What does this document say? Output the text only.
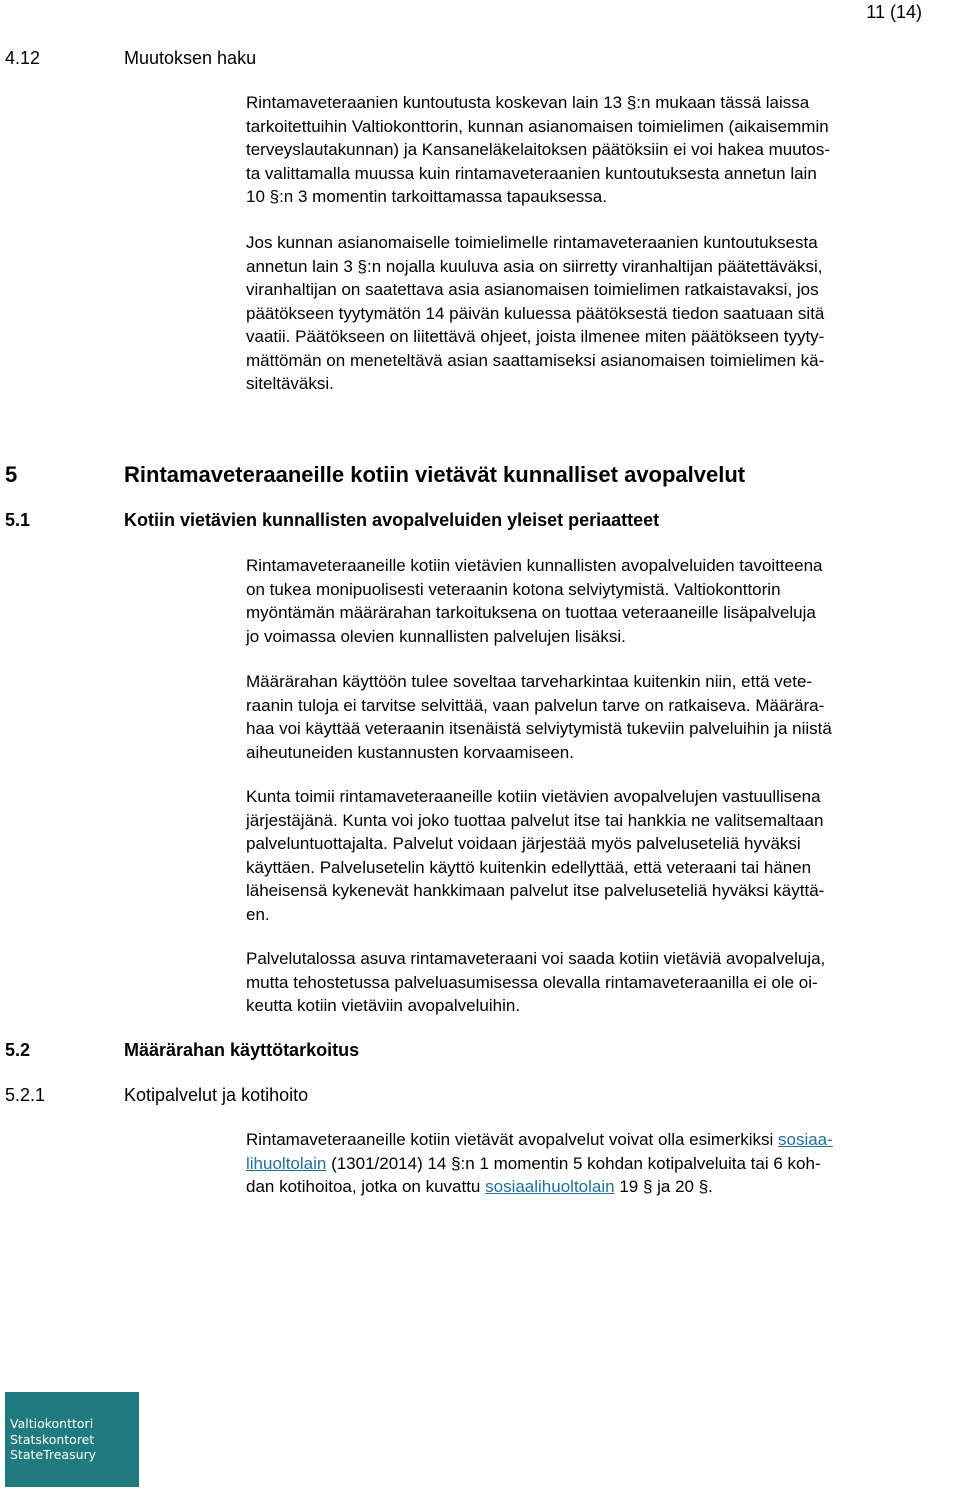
11 (14)
4.12	Muutoksen haku
Rintamaveteraanien kuntoutusta koskevan lain 13 §:n mukaan tässä laissa
tarkoitettuihin Valtiokonttorin, kunnan asianomaisen toimielimen (aikaisemmin
terveyslautakunnan) ja Kansaneläkelaitoksen päätöksiin ei voi hakea muutos-
ta valittamalla muussa kuin rintamaveteraanien kuntoutuksesta annetun lain
10 §:n 3 momentin tarkoittamassa tapauksessa.
Jos kunnan asianomaiselle toimielimelle rintamaveteraanien kuntoutuksesta
annetun lain 3 §:n nojalla kuuluva asia on siirretty viranhaltijan päätettäväksi,
viranhaltijan on saatettava asia asianomaisen toimielimen ratkaistavaksi, jos
päätökseen tyytymätön 14 päivän kuluessa päätöksestä tiedon saatuaan sitä
vaatii. Päätökseen on liitettävä ohjeet, joista ilmenee miten päätökseen tyyty-
mättömän on meneteltävä asian saattamiseksi asianomaisen toimielimen kä-
siteltäväksi.
5	Rintamaveteraaneille kotiin vietävät kunnalliset avopalvelut
5.1	Kotiin vietävien kunnallisten avopalveluiden yleiset periaatteet
Rintamaveteraaneille kotiin vietävien kunnallisten avopalveluiden tavoitteena
on tukea monipuolisesti veteraanin kotona selviytymistä. Valtiokonttorin
myöntämän määrärahan tarkoituksena on tuottaa veteraaneille lisäpalveluja
jo voimassa olevien kunnallisten palvelujen lisäksi.
Määrärahan käyttöön tulee soveltaa tarveharkintaa kuitenkin niin, että vete-
raanin tuloja ei tarvitse selvittää, vaan palvelun tarve on ratkaiseva. Määrära-
haa voi käyttää veteraanin itsenäistä selviytymistä tukeviin palveluihin ja niistä
aiheutuneiden kustannusten korvaamiseen.
Kunta toimii rintamaveteraaneille kotiin vietävien avopalvelujen vastuullisena
järjestäjänä. Kunta voi joko tuottaa palvelut itse tai hankkia ne valitsemaltaan
palveluntuottajalta. Palvelut voidaan järjestää myös palveluseteliä hyväksi
käyttäen. Palvelusetelin käyttö kuitenkin edellyttää, että veteraani tai hänen
läheisensä kykenevät hankkimaan palvelut itse palveluseteliä hyväksi käyttä-
en.
Palvelutalossa asuva rintamaveteraani voi saada kotiin vietäviä avopalveluja,
mutta tehostetussa palveluasumisessa olevalla rintamaveteraanilla ei ole oi-
keutta kotiin vietäviin avopalveluihin.
5.2	Määrärahan käyttötarkoitus
5.2.1	Kotipalvelut ja kotihoito
Rintamaveteraaneille kotiin vietävät avopalvelut voivat olla esimerkiksi sosiaa-
lihuoltolain (1301/2014) 14 §:n 1 momentin 5 kohdan kotipalveluita tai 6 koh-
dan kotihoitoa, jotka on kuvattu sosiaalihuoltolain 19 § ja 20 §.
Valtiokonttori
Statskontoret
StateTreasury
